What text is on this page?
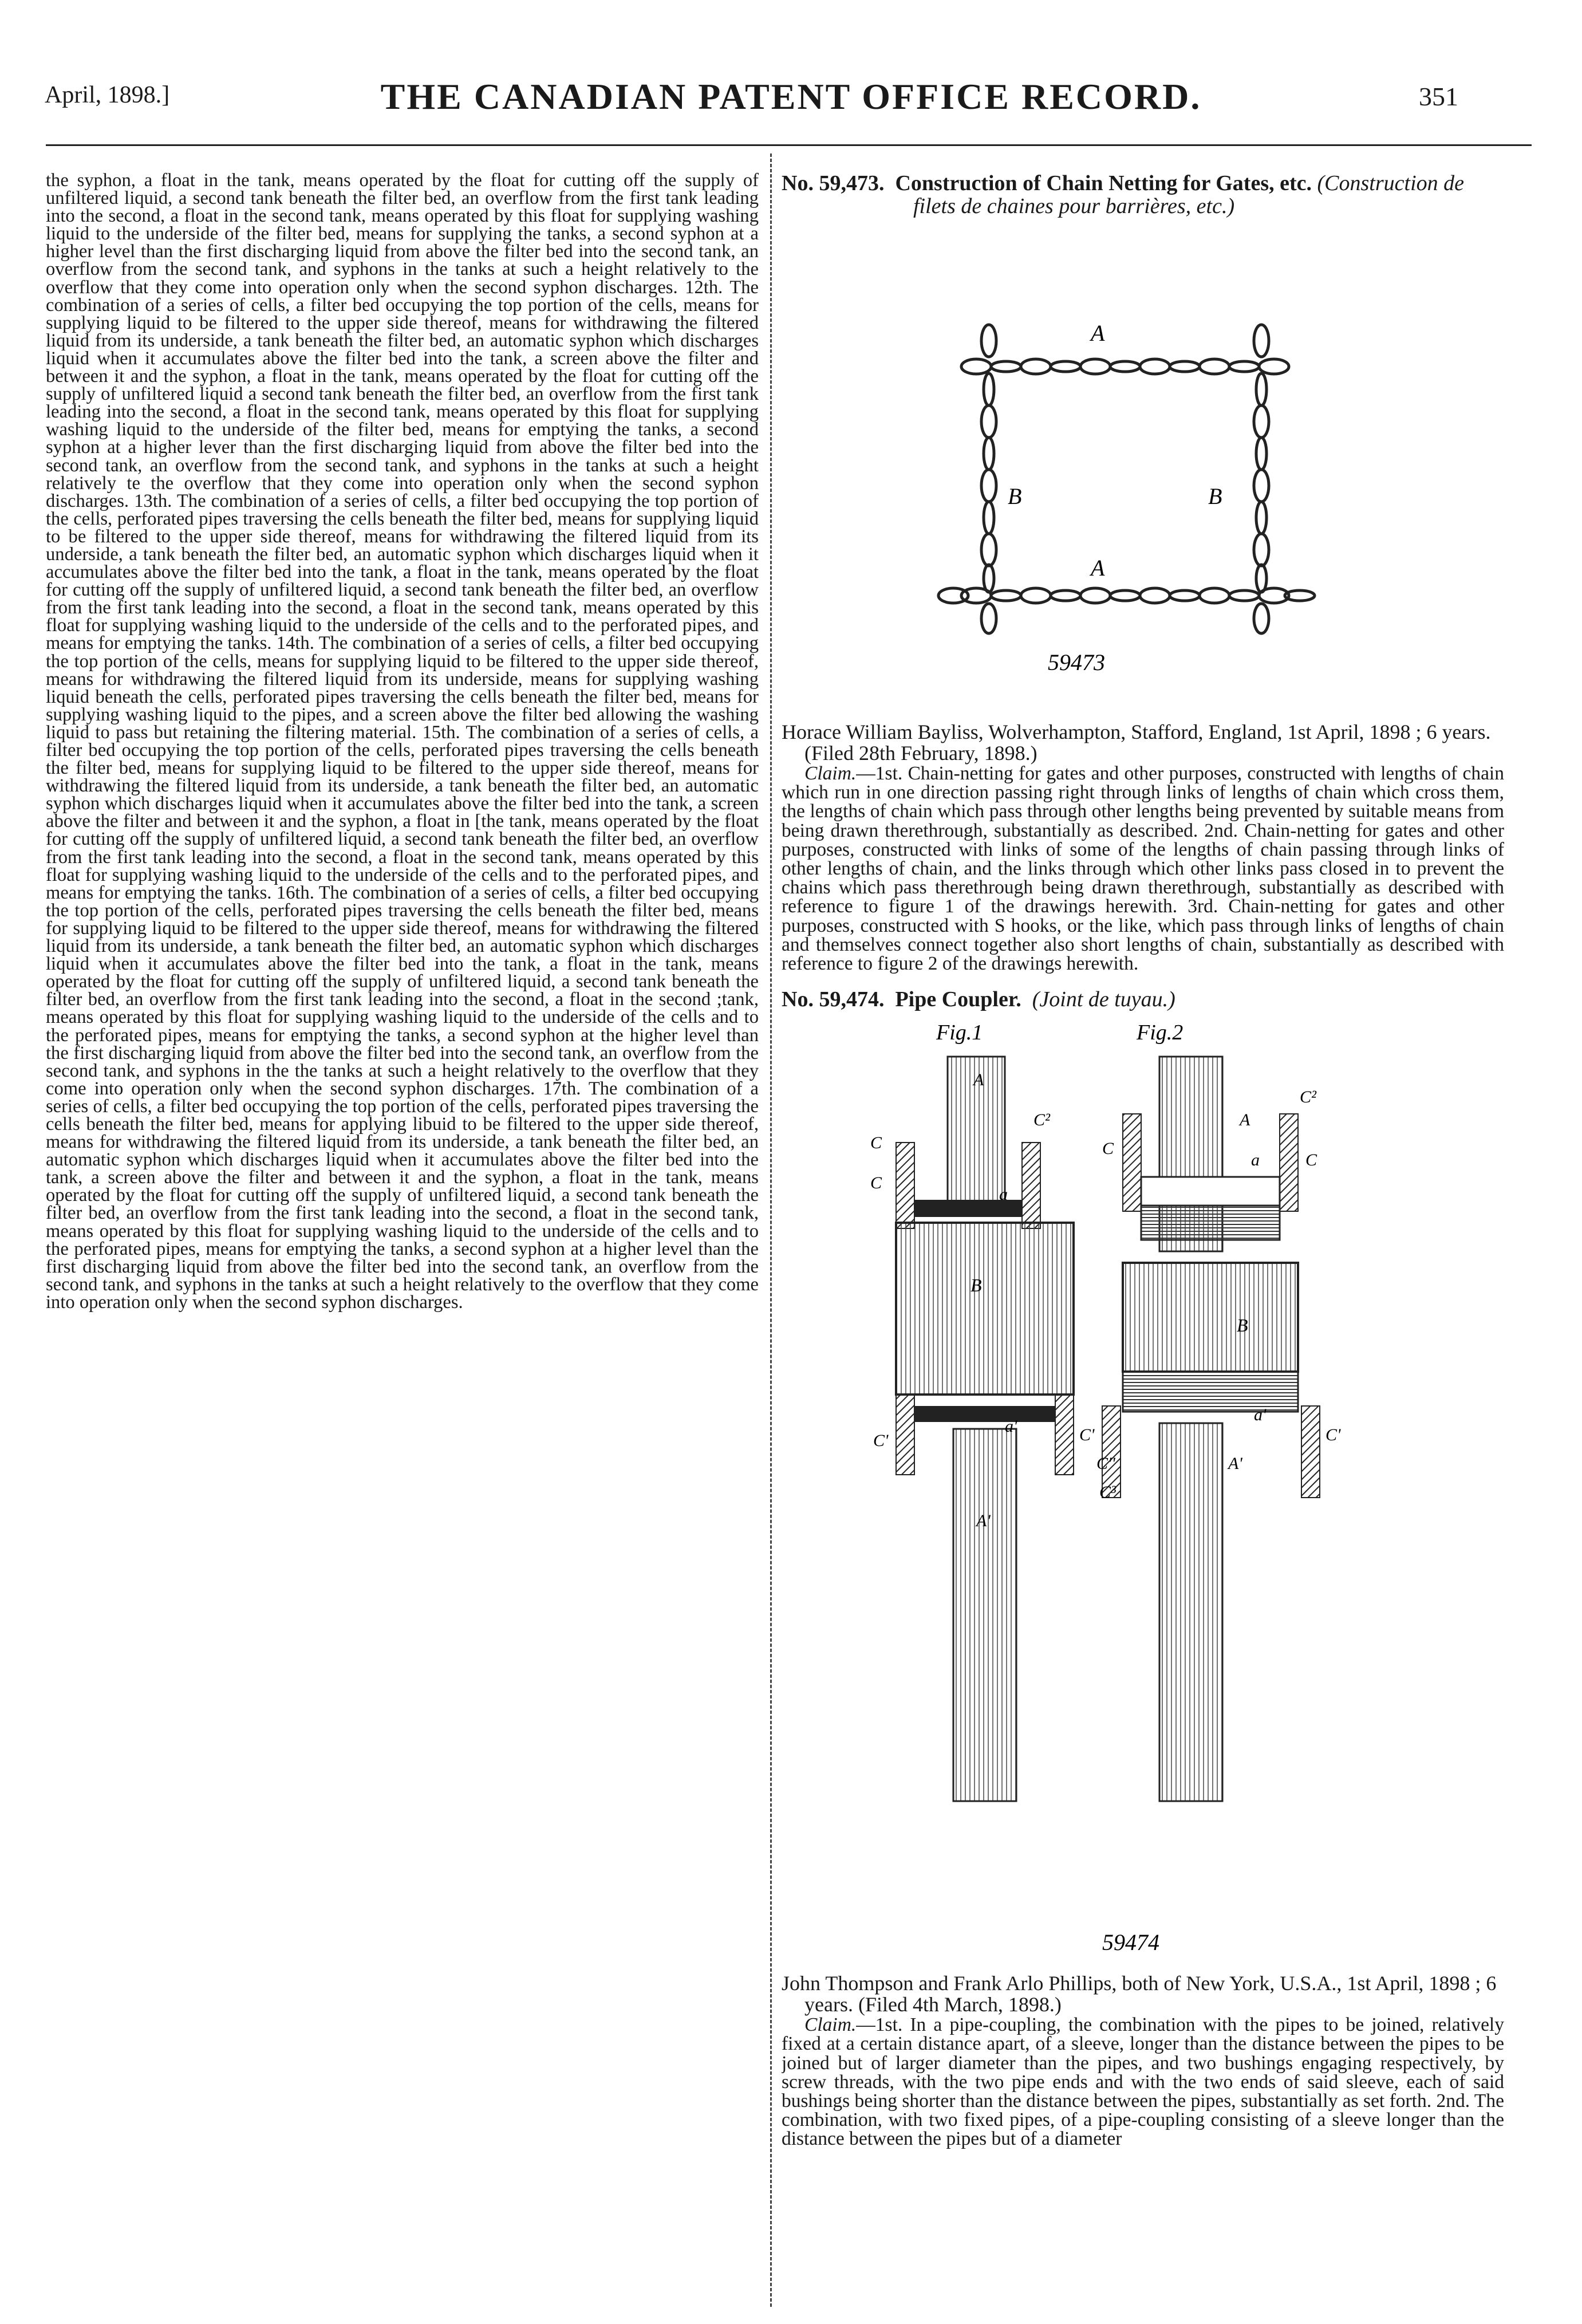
April, 1898.]	THE CANADIAN PATENT OFFICE RECORD.	351

the syphon, a float in the tank, means operated by the float for cutting off the supply of unfiltered liquid, a second tank beneath the filter bed, an overflow from the first tank leading into the second, a float in the second tank, means operated by this float for supplying washing liquid to the underside of the filter bed, means for supplying the tanks, a second syphon at a higher level than the first discharging liquid from above the filter bed into the second tank, an overflow from the second tank, and syphons in the tanks at such a height relatively to the overflow that they come into operation only when the second syphon discharges. 12th. The combination of a series of cells, a filter bed occupying the top portion of the cells, means for supplying liquid to be filtered to the upper side thereof, means for withdrawing the filtered liquid from its underside, a tank beneath the filter bed, an automatic syphon which discharges liquid when it accumulates above the filter bed into the tank, a screen above the filter and between it and the syphon, a float in the tank, means operated by the float for cutting off the supply of unfiltered liquid a second tank beneath the filter bed, an overflow from the first tank leading into the second, a float in the second tank, means operated by this float for supplying washing liquid to the underside of the filter bed, means for emptying the tanks, a second syphon at a higher lever than the first discharging liquid from above the filter bed into the second tank, an overflow from the second tank, and syphons in the tanks at such a height relatively te the overflow that they come into operation only when the second syphon discharges. 13th. The combination of a series of cells, a filter bed occupying the top portion of the cells, perforated pipes traversing the cells beneath the filter bed, means for supplying liquid to be filtered to the upper side thereof, means for withdrawing the filtered liquid from its underside, a tank beneath the filter bed, an automatic syphon which discharges liquid when it accumulates above the filter bed into the tank, a float in the tank, means operated by the float for cutting off the supply of unfiltered liquid, a second tank beneath the filter bed, an overflow from the first tank leading into the second, a float in the second tank, means operated by this float for supplying washing liquid to the underside of the cells and to the perforated pipes, and means for emptying the tanks. 14th. The combination of a series of cells, a filter bed occupying the top portion of the cells, means for supplying liquid to be filtered to the upper side thereof, means for withdrawing the filtered liquid from its underside, means for supplying washing liquid beneath the cells, perforated pipes traversing the cells beneath the filter bed, means for supplying washing liquid to the pipes, and a screen above the filter bed allowing the washing liquid to pass but retaining the filtering material. 15th. The combination of a series of cells, a filter bed occupying the top portion of the cells, perforated pipes traversing the cells beneath the filter bed, means for supplying liquid to be filtered to the upper side thereof, means for withdrawing the filtered liquid from its underside, a tank beneath the filter bed, an automatic syphon which discharges liquid when it accumulates above the filter bed into the tank, a screen above the filter and between it and the syphon, a float in [the tank, means operated by the float for cutting off the supply of unfiltered liquid, a second tank beneath the filter bed, an overflow from the first tank leading into the second, a float in the second tank, means operated by this float for supplying washing liquid to the underside of the cells and to the perforated pipes, and means for emptying the tanks. 16th. The combination of a series of cells, a filter bed occupying the top portion of the cells, perforated pipes traversing the cells beneath the filter bed, means for supplying liquid to be filtered to the upper side thereof, means for withdrawing the filtered liquid from its underside, a tank beneath the filter bed, an automatic syphon which discharges liquid when it accumulates above the filter bed into the tank, a float in the tank, means operated by the float for cutting off the supply of unfiltered liquid, a second tank beneath the filter bed, an overflow from the first tank leading into the second, a float in the second ;tank, means operated by this float for supplying washing liquid to the underside of the cells and to the perforated pipes, means for emptying the tanks, a second syphon at the higher level than the first discharging liquid from above the filter bed into the second tank, an overflow from the second tank, and syphons in the the tanks at such a height relatively to the overflow that they come into operation only when the second syphon discharges. 17th. The combination of a series of cells, a filter bed occupying the top portion of the cells, perforated pipes traversing the cells beneath the filter bed, means for applying libuid to be filtered to the upper side thereof, means for withdrawing the filtered liquid from its underside, a tank beneath the filter bed, an automatic syphon which discharges liquid when it accumulates above the filter bed into the tank, a screen above the filter and between it and the syphon, a float in the tank, means operated by the float for cutting off the supply of unfiltered liquid, a second tank beneath the filter bed, an overflow from the first tank leading into the second, a float in the second tank, means operated by this float for supplying washing liquid to the underside of the cells and to the perforated pipes, means for emptying the tanks, a second syphon at a higher level than the first discharging liquid from above the filter bed into the second tank, an overflow from the second tank, and syphons in the tanks at such a height relatively to the overflow that they come into operation only when the second syphon discharges.

No. 59,473. Construction of Chain Netting for Gates, etc. (Construction de filets de chaines pour barrières, etc.)
A
B	B
A
59473

Horace William Bayliss, Wolverhampton, Stafford, England, 1st April, 1898 ; 6 years. (Filed 28th February, 1898.)

Claim.—1st. Chain-netting for gates and other purposes, constructed with lengths of chain which run in one direction passing right through links of lengths of chain which cross them, the lengths of chain which pass through other lengths being prevented by suitable means from being drawn therethrough, substantially as described. 2nd. Chain-netting for gates and other purposes, constructed with links of some of the lengths of chain passing through links of other lengths of chain, and the links through which other links pass closed in to prevent the chains which pass therethrough being drawn therethrough, substantially as described with reference to figure 1 of the drawings herewith. 3rd. Chain-netting for gates and other purposes, constructed with S hooks, or the like, which pass through links of lengths of chain and themselves connect together also short lengths of chain, substantially as described with reference to figure 2 of the drawings herewith.

No. 59,474. Pipe Coupler. (Joint de tuyau.)
Fig.1
A
C²
C
C
a
B
a'
C'
A'
Fig.2
A
C²
C
a	C
B
a'
C'	C'
C''	A'
C³
59474

John Thompson and Frank Arlo Phillips, both of New York, U.S.A., 1st April, 1898 ; 6 years. (Filed 4th March, 1898.)

Claim.—1st. In a pipe-coupling, the combination with the pipes to be joined, relatively fixed at a certain distance apart, of a sleeve, longer than the distance between the pipes to be joined but of larger diameter than the pipes, and two bushings engaging respectively, by screw threads, with the two pipe ends and with the two ends of said sleeve, each of said bushings being shorter than the distance between the pipes, substantially as set forth. 2nd. The combination, with two fixed pipes, of a pipe-coupling consisting of a sleeve longer than the distance between the pipes but of a diameter
